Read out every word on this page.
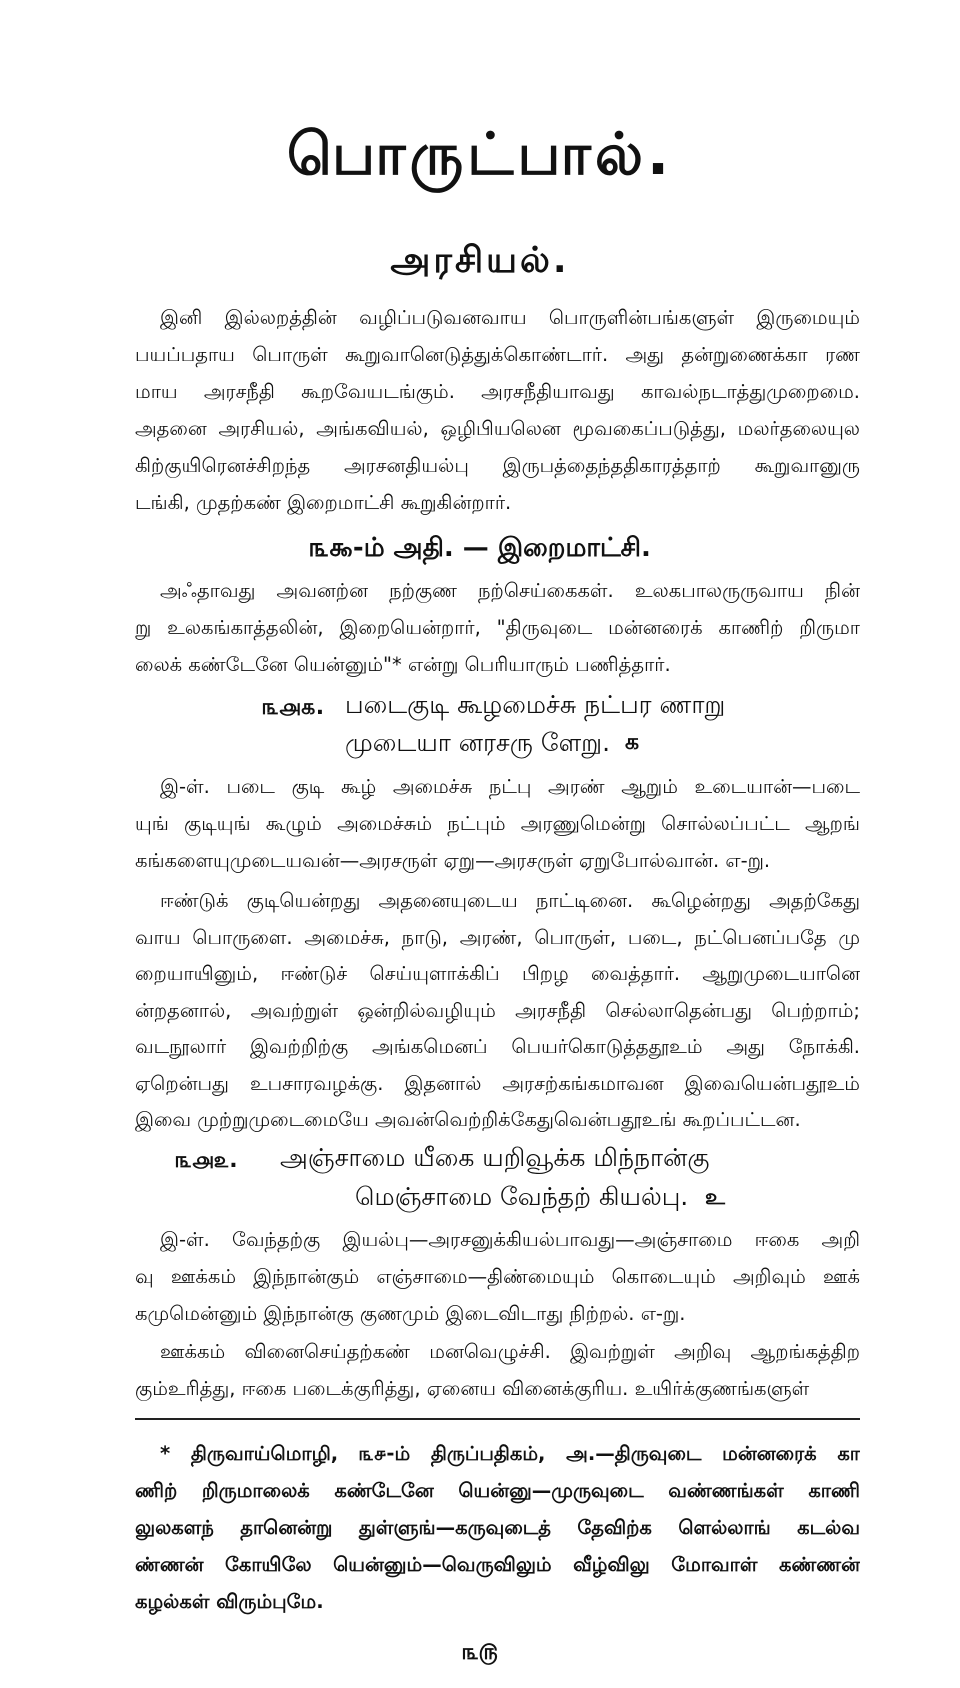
பொருட்பால்.
அரசியல்.
இனி இல்லறத்தின் வழிப்படுவனவாய பொருளின்பங்களுள் இருமையும்
பயப்பதாய பொருள் கூறுவானெடுத்துக்கொண்டார். அது தன்றுணைக்கா ரண
மாய அரசநீதி கூறவேயடங்கும். அரசநீதியாவது காவல்நடாத்துமுறைமை.
அதனை அரசியல், அங்கவியல், ஒழிபியலென மூவகைப்படுத்து, மலர்தலையுல
கிற்குயிரெனச்சிறந்த அரசனதியல்பு இருபத்தைந்ததிகாரத்தாற் கூறுவானுரு
டங்கி, முதற்கண் இறைமாட்சி கூறுகின்றார்.
௩௯-ம் அதி. — இறைமாட்சி.
அஃதாவது அவனற்ன நற்குண நற்செய்கைகள். உலகபாலருருவாய நின்
று உலகங்காத்தலின், இறையென்றார், "திருவுடை மன்னரைக் காணிற் றிருமா
லைக் கண்டேனே யென்னும்"* என்று பெரியாரும் பணித்தார்.
௩௮௧. படைகுடி கூழமைச்சு நட்பர ணாறு
முடையா னரசரு ளேறு. க
இ-ள். படை குடி கூழ் அமைச்சு நட்பு அரண் ஆறும் உடையான்—படை
யுங் குடியுங் கூழும் அமைச்சும் நட்பும் அரணுமென்று சொல்லப்பட்ட ஆறங்
கங்களையுமுடையவன்—அரசருள் ஏறு—அரசருள் ஏறுபோல்வான். எ-று.
ஈண்டுக் குடியென்றது அதனையுடைய நாட்டினை. கூழென்றது அதற்கேது
வாய பொருளை. அமைச்சு, நாடு, அரண், பொருள், படை, நட்பெனப்பதே மு
றையாயினும், ஈண்டுச் செய்யுளாக்கிப் பிறழ வைத்தார். ஆறுமுடையானெ
ன்றதனால், அவற்றுள் ஒன்றில்வழியும் அரசநீதி செல்லாதென்பது பெற்றாம்;
வடநூலார் இவற்றிற்கு அங்கமெனப் பெயர்கொடுத்ததூஉம் அது நோக்கி.
ஏறென்பது உபசாரவழக்கு. இதனால் அரசற்கங்கமாவன இவையென்பதூஉம்
இவை முற்றுமுடைமையே அவன்வெற்றிக்கேதுவென்பதூஉங் கூறப்பட்டன.
௩௮௨. அஞ்சாமை யீகை யறிவூக்க மிந்நான்கு
மெஞ்சாமை வேந்தற் கியல்பு. உ
இ-ள். வேந்தற்கு இயல்பு—அரசனுக்கியல்பாவது—அஞ்சாமை ஈகை அறி
வு ஊக்கம் இந்நான்கும் எஞ்சாமை—திண்மையும் கொடையும் அறிவும் ஊக்
கமுமென்னும் இந்நான்கு குணமும் இடைவிடாது நிற்றல். எ-று.
ஊக்கம் வினைசெய்தற்கண் மனவெழுச்சி. இவற்றுள் அறிவு ஆறங்கத்திற
கும்உரித்து, ஈகை படைக்குரித்து, ஏனைய வினைக்குரிய. உயிர்க்குணங்களுள்
* திருவாய்மொழி, ௩௪-ம் திருப்பதிகம், அ.—திருவுடை மன்னரைக் கா
ணிற் றிருமாலைக் கண்டேனே யென்னு—முருவுடை வண்ணங்கள் காணி
லுலகளந் தானென்று துள்ளுங்—கருவுடைத் தேவிற்க ளெல்லாங் கடல்வ
ண்ணன் கோயிலே யென்னும்—வெருவிலும் வீழ்விலு மோவாள் கண்ணன்
கழல்கள் விரும்புமே.
௩௫
